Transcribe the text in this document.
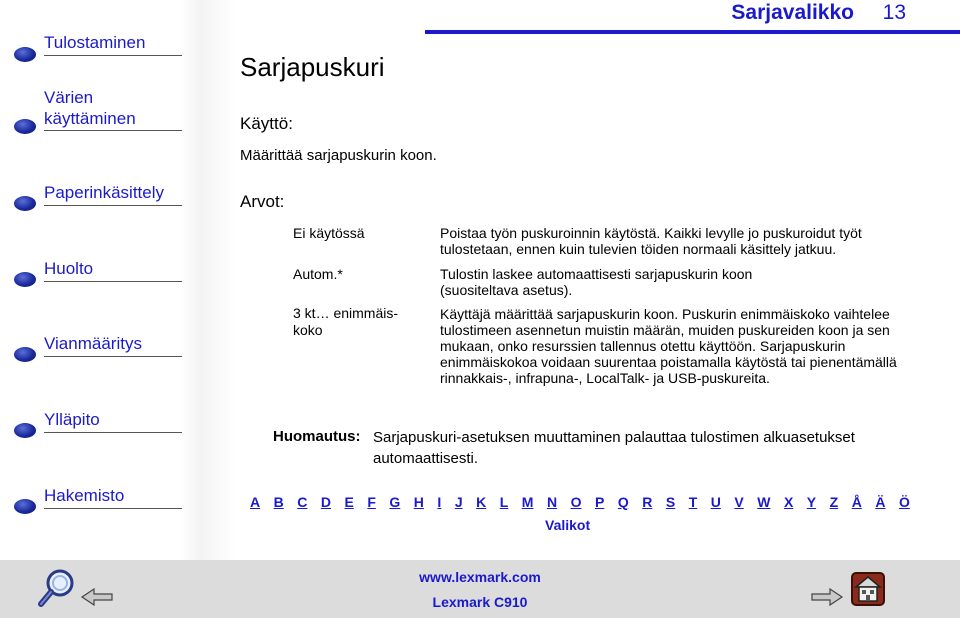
Tulostaminen
Värien käyttäminen
Paperinkäsittely
Huolto
Vianmääritys
Ylläpito
Hakemisto
Sarjavalikko 13
Sarjapuskuri
Käyttö:
Määrittää sarjapuskurin koon.
Arvot:
Ei käytössä	Poistaa työn puskuroinnin käytöstä. Kaikki levylle jo puskuroidut työt tulostetaan, ennen kuin tulevien töiden normaali käsittely jatkuu.
Autom.*	Tulostin laskee automaattisesti sarjapuskurin koon (suositeltava asetus).
3 kt… enimmäis- koko
Käyttäjä määrittää sarjapuskurin koon. Puskurin enimmäiskoko vaihtelee tulostimeen asennetun muistin määrän, muiden puskureiden koon ja sen mukaan, onko resurssien tallennus otettu käyttöön. Sarjapuskurin enimmäiskokoa voidaan suurentaa poistamalla käytöstä tai pienentämällä rinnakkais-, infrapuna-, LocalTalk- ja USB-puskureita.
Huomautus: Sarjapuskuri-asetuksen muuttaminen palauttaa tulostimen alkuasetukset automaattisesti.
A B C D E F G H I J K L M N O P Q R S T U V W X Y Z Å Ä Ö
Valikot
www.lexmark.com
Lexmark C910
